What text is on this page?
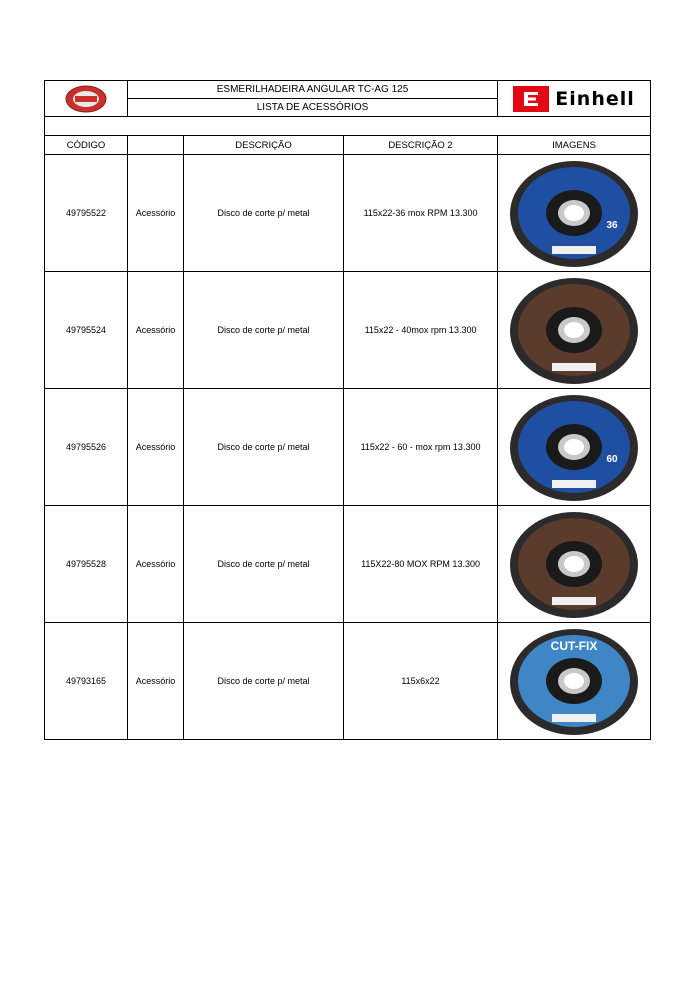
	ESMERILHADEIRA ANGULAR TC-AG 125			Einhell

	LISTA DE ACESSÓRIOS			

CÓDIGO		DESCRIÇÃO	DESCRIÇÃO 2	IMAGENS
49795522	Acessório	Disco de corte p/ metal	115x22-36 mox RPM 13.300	36

49795524	Acessório	Disco de corte p/ metal	115x22 - 40mox rpm 13.300	

49795526	Acessório	Disco de corte p/ metal	115x22 - 60 - mox rpm 13.300	60

49795528	Acessório	Disco de corte p/ metal	115X22-80 MOX RPM 13.300	

49793165	Acessório	Disco de corte p/ metal	115x6x22	CUT-FIX
